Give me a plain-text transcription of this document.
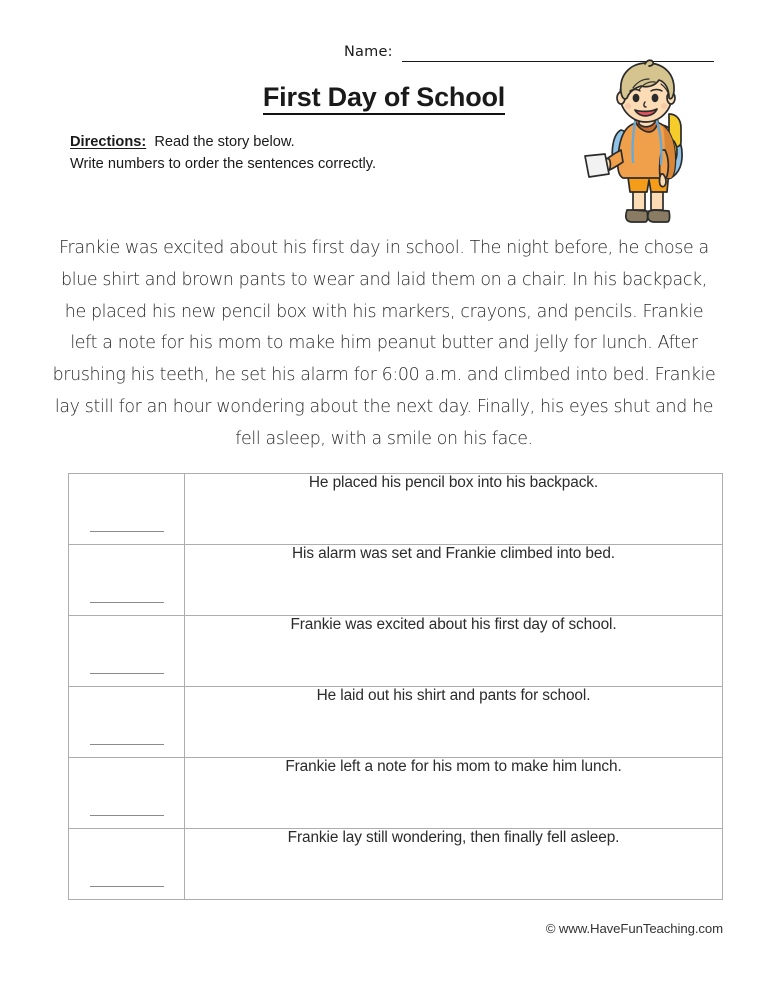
Name:
First Day of School
Directions: Read the story below.
Write numbers to order the sentences correctly.
Frankie was excited about his first day in school. The night before, he chose a blue shirt and brown pants to wear and laid them on a chair. In his backpack, he placed his new pencil box with his markers, crayons, and pencils. Frankie left a note for his mom to make him peanut butter and jelly for lunch. After brushing his teeth, he set his alarm for 6:00 a.m. and climbed into bed. Frankie lay still for an hour wondering about the next day. Finally, his eyes shut and he fell asleep, with a smile on his face.
	He placed his pencil box into his backpack.

	His alarm was set and Frankie climbed into bed.

	Frankie was excited about his first day of school.

	He laid out his shirt and pants for school.

	Frankie left a note for his mom to make him lunch.

	Frankie lay still wondering, then finally fell asleep.
© www.HaveFunTeaching.com
